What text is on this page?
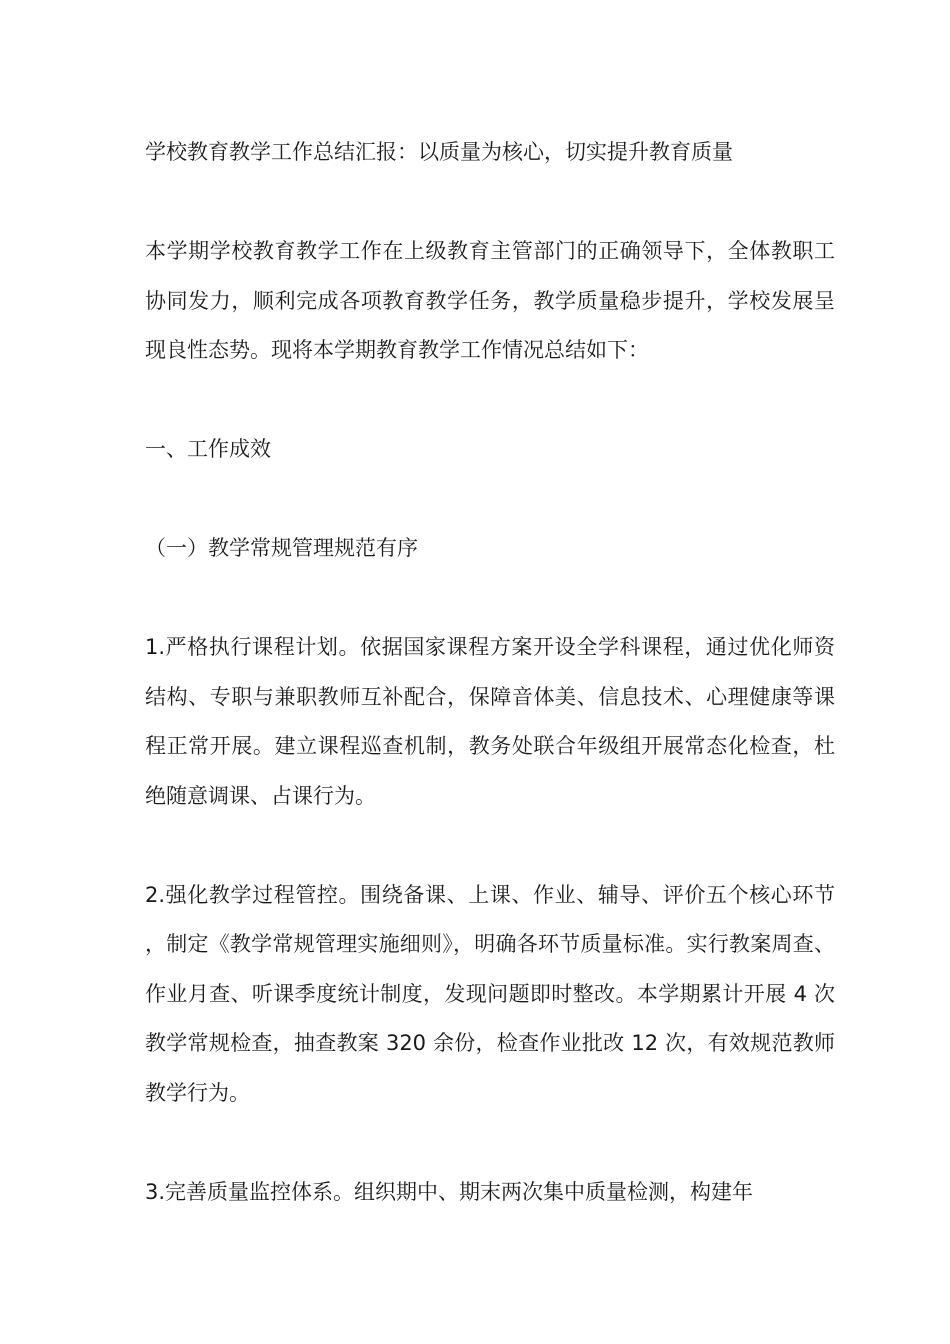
学校教育教学工作总结汇报：以质量为核心，切实提升教育质量

本学期学校教育教学工作在上级教育主管部门的正确领导下，全体教职工协同发力，顺利完成各项教育教学任务，教学质量稳步提升，学校发展呈现良性态势。现将本学期教育教学工作情况总结如下：

一、工作成效

（一）教学常规管理规范有序

1.严格执行课程计划。依据国家课程方案开设全学科课程，通过优化师资结构、专职与兼职教师互补配合，保障音体美、信息技术、心理健康等课程正常开展。建立课程巡查机制，教务处联合年级组开展常态化检查，杜绝随意调课、占课行为。

2.强化教学过程管控。围绕备课、上课、作业、辅导、评价五个核心环节，制定《教学常规管理实施细则》，明确各环节质量标准。实行教案周查、作业月查、听课季度统计制度，发现问题即时整改。本学期累计开展 4 次教学常规检查，抽查教案 320 余份，检查作业批改 12 次，有效规范教师教学行为。

3.完善质量监控体系。组织期中、期末两次集中质量检测，构建年
